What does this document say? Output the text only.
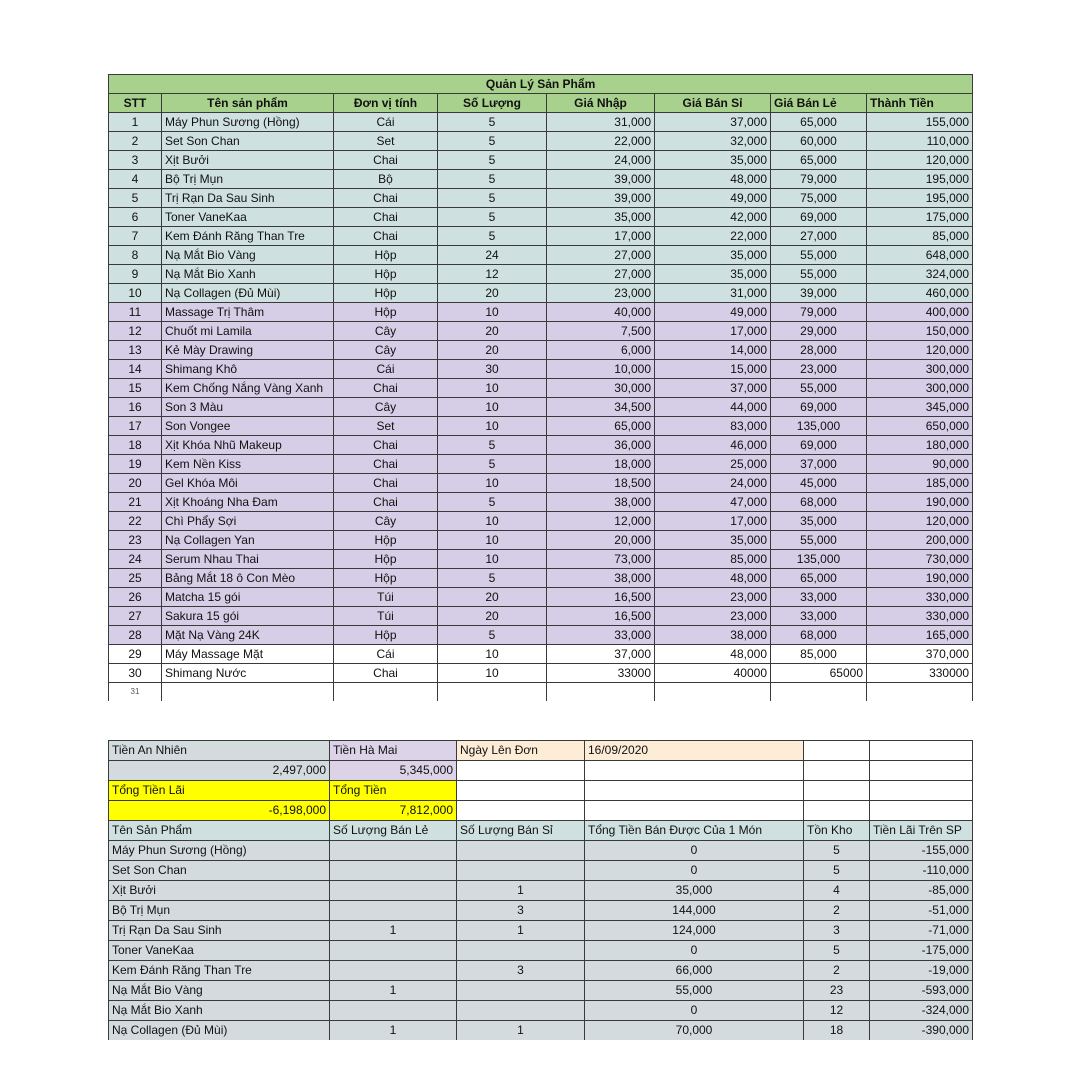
Quản Lý Sản Phẩm							
STT	Tên sản phẩm	Đơn vị tính	Số Lượng	Giá Nhập	Giá Bán Sỉ	Giá Bán Lẻ	Thành Tiền
1	Máy Phun Sương (Hồng)	Cái	5	31,000	37,000	65,000	155,000
2	Set Son Chan	Set	5	22,000	32,000	60,000	110,000
3	Xịt Bưởi	Chai	5	24,000	35,000	65,000	120,000
4	Bộ Trị Mụn	Bộ	5	39,000	48,000	79,000	195,000
5	Trị Rạn Da Sau Sinh	Chai	5	39,000	49,000	75,000	195,000
6	Toner VaneKaa	Chai	5	35,000	42,000	69,000	175,000
7	Kem Đánh Răng Than Tre	Chai	5	17,000	22,000	27,000	85,000
8	Nạ Mắt Bio Vàng	Hộp	24	27,000	35,000	55,000	648,000
9	Nạ Mắt Bio Xanh	Hộp	12	27,000	35,000	55,000	324,000
10	Nạ Collagen (Đủ Mùi)	Hộp	20	23,000	31,000	39,000	460,000
11	Massage Trị Thâm	Hộp	10	40,000	49,000	79,000	400,000
12	Chuốt mi Lamila	Cây	20	7,500	17,000	29,000	150,000
13	Kẻ Mày Drawing	Cây	20	6,000	14,000	28,000	120,000
14	Shimang Khô	Cái	30	10,000	15,000	23,000	300,000
15	Kem Chống Nắng Vàng Xanh	Chai	10	30,000	37,000	55,000	300,000
16	Son 3 Màu	Cây	10	34,500	44,000	69,000	345,000
17	Son Vongee	Set	10	65,000	83,000	135,000	650,000
18	Xịt Khóa Nhũ Makeup	Chai	5	36,000	46,000	69,000	180,000
19	Kem Nền Kiss	Chai	5	18,000	25,000	37,000	90,000
20	Gel Khóa Môi	Chai	10	18,500	24,000	45,000	185,000
21	Xịt Khoáng Nha Đam	Chai	5	38,000	47,000	68,000	190,000
22	Chì Phẩy Sợi	Cây	10	12,000	17,000	35,000	120,000
23	Nạ Collagen Yan	Hộp	10	20,000	35,000	55,000	200,000
24	Serum Nhau Thai	Hộp	10	73,000	85,000	135,000	730,000
25	Bảng Mắt 18 ô Con Mèo	Hộp	5	38,000	48,000	65,000	190,000
26	Matcha 15 gói	Túi	20	16,500	23,000	33,000	330,000
27	Sakura 15 gói	Túi	20	16,500	23,000	33,000	330,000
28	Mặt Nạ Vàng 24K	Hộp	5	33,000	38,000	68,000	165,000
29	Máy Massage Mặt	Cái	10	37,000	48,000	85,000	370,000
30	Shimang Nước	Chai	10	33000	40000	65000	330000
31							
Tiền An Nhiên	Tiền Hà Mai	Ngày Lên Đơn	16/09/2020		
2,497,000	5,345,000				
Tổng Tiền Lãi	Tổng Tiền				
-6,198,000	7,812,000				
Tên Sản Phẩm	Số Lượng Bán Lẻ	Số Lượng Bán Sỉ	Tổng Tiền Bán Được Của 1 Món	Tồn Kho	Tiền Lãi Trên SP
Máy Phun Sương (Hồng)			0	5	-155,000
Set Son Chan			0	5	-110,000
Xịt Bưởi		1	35,000	4	-85,000
Bộ Trị Mụn		3	144,000	2	-51,000
Trị Rạn Da Sau Sinh	1	1	124,000	3	-71,000
Toner VaneKaa			0	5	-175,000
Kem Đánh Răng Than Tre		3	66,000	2	-19,000
Nạ Mắt Bio Vàng	1		55,000	23	-593,000
Nạ Mắt Bio Xanh			0	12	-324,000
Nạ Collagen (Đủ Mùi)	1	1	70,000	18	-390,000
